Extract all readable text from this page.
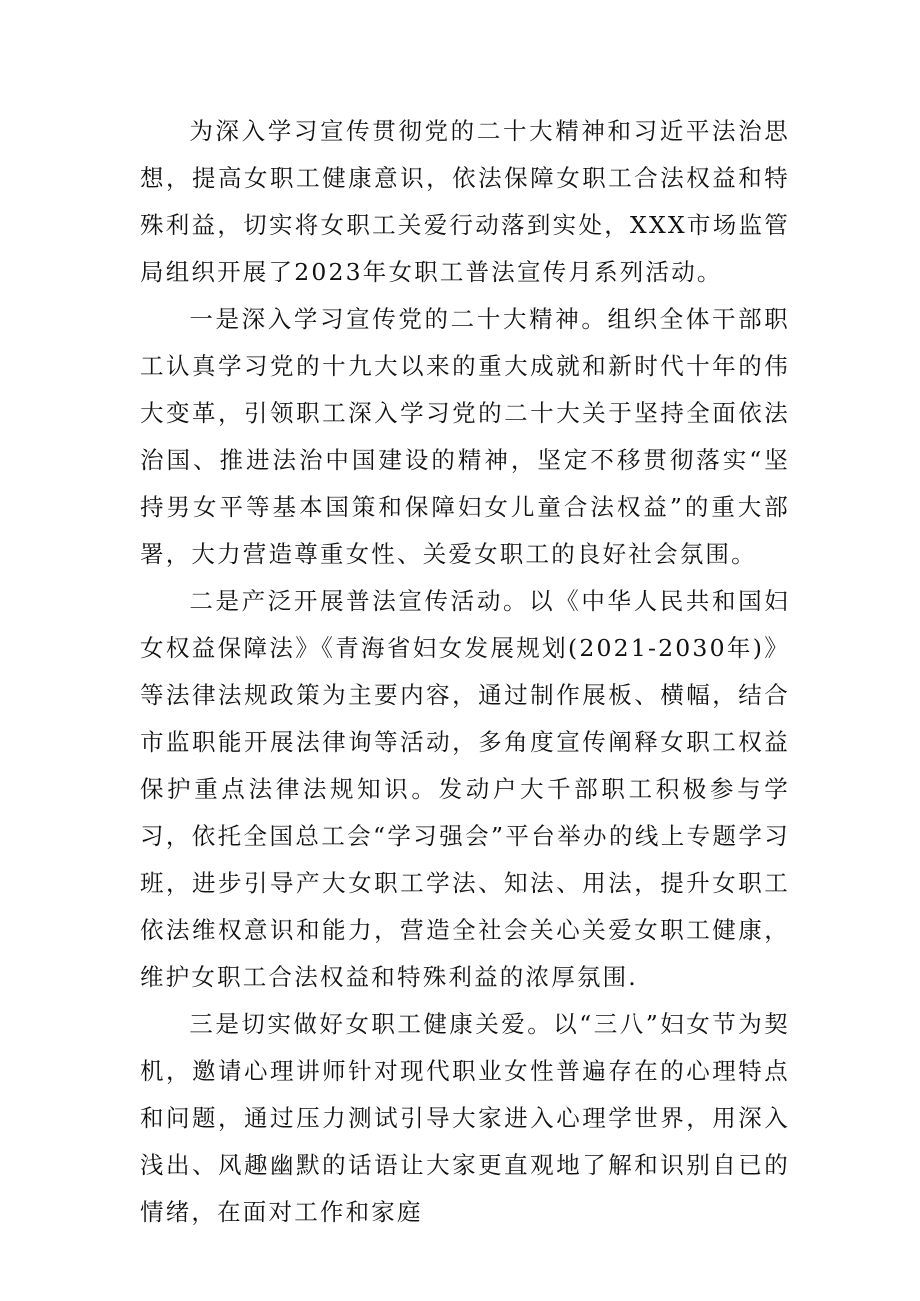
为深入学习宣传贯彻党的二十大精神和习近平法治思想，提高女职工健康意识，依法保障女职工合法权益和特殊利益，切实将女职工关爱行动落到实处，XXX市场监管局组织开展了2023年女职工普法宣传月系列活动。

一是深入学习宣传党的二十大精神。组织全体干部职工认真学习党的十九大以来的重大成就和新时代十年的伟大变革，引领职工深入学习党的二十大关于坚持全面依法治国、推进法治中国建设的精神，坚定不移贯彻落实“坚持男女平等基本国策和保障妇女儿童合法权益”的重大部署，大力营造尊重女性、关爱女职工的良好社会氛围。

二是产泛开展普法宣传活动。以《中华人民共和国妇女权益保障法》《青海省妇女发展规划(2021-2030年)》等法律法规政策为主要内容，通过制作展板、横幅，结合市监职能开展法律询等活动，多角度宣传阐释女职工权益保护重点法律法规知识。发动户大千部职工积极参与学习，依托全国总工会“学习强会”平台举办的线上专题学习班，进步引导产大女职工学法、知法、用法，提升女职工依法维权意识和能力，营造全社会关心关爱女职工健康，维护女职工合法权益和特殊利益的浓厚氛围.

三是切实做好女职工健康关爱。以“三八”妇女节为契机，邀请心理讲师针对现代职业女性普遍存在的心理特点和问题，通过压力测试引导大家进入心理学世界，用深入浅出、风趣幽默的话语让大家更直观地了解和识别自已的情绪，在面对工作和家庭
